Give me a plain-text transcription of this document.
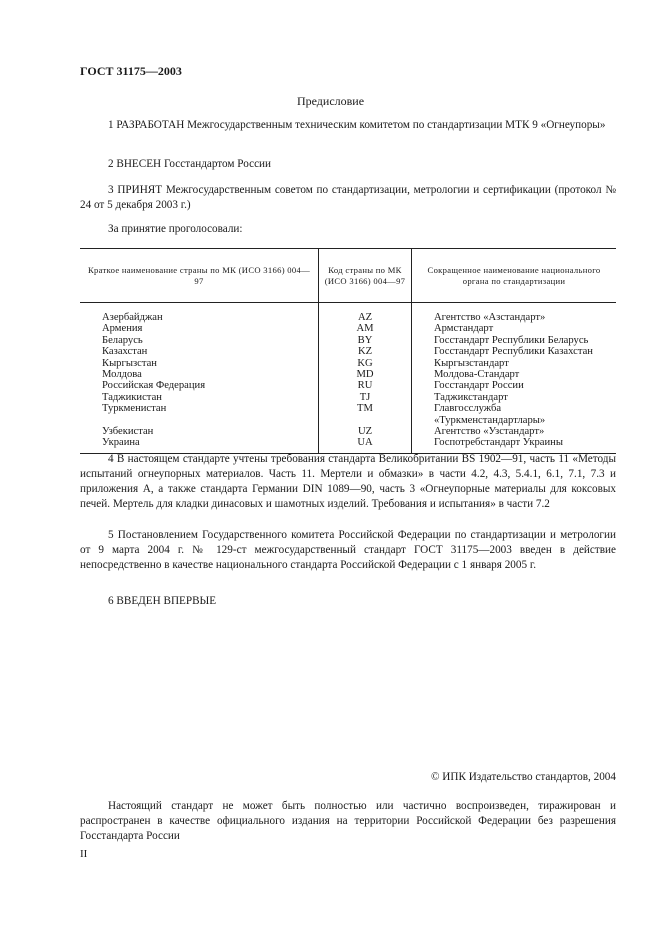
ГОСТ 31175—2003
Предисловие
1 РАЗРАБОТАН Межгосударственным техническим комитетом по стандартизации МТК 9 «Огнеупоры»
2 ВНЕСЕН Госстандартом России
3 ПРИНЯТ Межгосударственным советом по стандартизации, метрологии и сертификации (протокол № 24 от 5 декабря 2003 г.)
За принятие проголосовали:
Краткое наименование страны по МК (ИСО 3166) 004—97	Код страны по МК (ИСО 3166) 004—97	Сокращенное наименование национального органа по стандартизации
Азербайджан	AZ	Агентство «Азстандарт»
Армения	AM	Армстандарт
Беларусь	BY	Госстандарт Республики Беларусь
Казахстан	KZ	Госстандарт Республики Казахстан
Кыргызстан	KG	Кыргызстандарт
Молдова	MD	Молдова-Стандарт
Российская Федерация	RU	Госстандарт России
Таджикистан	TJ	Таджикстандарт
Туркменистан	TM	Главгосслужба «Туркменстандартлары»
Узбекистан	UZ	Агентство «Узстандарт»
Украина	UA	Госпотребстандарт Украины
4 В настоящем стандарте учтены требования стандарта Великобритании BS 1902—91, часть 11 «Методы испытаний огнеупорных материалов. Часть 11. Мертели и обмазки» в части 4.2, 4.3, 5.4.1, 6.1, 7.1, 7.3 и приложения А, а также стандарта Германии DIN 1089—90, часть 3 «Огнеупорные материалы для коксовых печей. Мертель для кладки динасовых и шамотных изделий. Требования и испытания» в части 7.2
5 Постановлением Государственного комитета Российской Федерации по стандартизации и метрологии от 9 марта 2004 г. № 129-ст межгосударственный стандарт ГОСТ 31175—2003 введен в действие непосредственно в качестве национального стандарта Российской Федерации с 1 января 2005 г.
6 ВВЕДЕН ВПЕРВЫЕ
© ИПК Издательство стандартов, 2004
Настоящий стандарт не может быть полностью или частично воспроизведен, тиражирован и распространен в качестве официального издания на территории Российской Федерации без разрешения Госстандарта России
II
